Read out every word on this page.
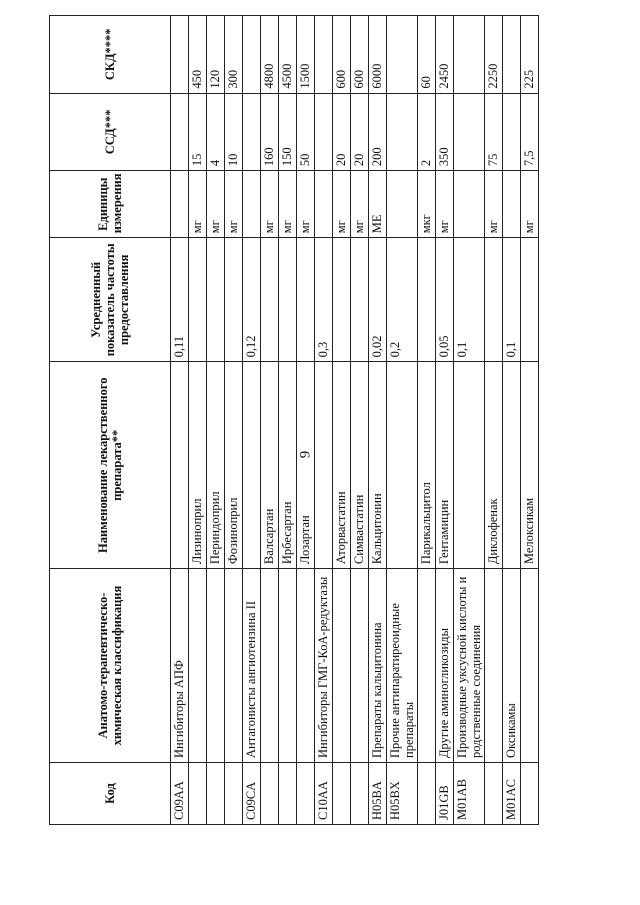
9
Код	Анатомо-терапевтическо-химическая классификация	Наименование лекарственного препарата**	Усредненный показатель частоты предоставления	Единицы измерения	ССД***	СКД****
C09AA	Ингибиторы АПФ		0,11			
		Лизиноприл		мг	15	450
		Периндоприл		мг	4	120
		Фозиноприл		мг	10	300
C09CA	Антагонисты ангиотензина II		0,12			
		Валсартан		мг	160	4800
		Ирбесартан		мг	150	4500
		Лозартан		мг	50	1500
C10AA	Ингибиторы ГМГ-КоА-редуктазы		0,3			
		Аторвастатин		мг	20	600
		Симвастатин		мг	20	600
H05BA	Препараты кальцитонина	Кальцитонин	0,02	МЕ	200	6000
H05BX	Прочие антипаратиреоидные препараты		0,2			
		Парикальцитол		мкг	2	60
J01GB	Другие аминогликозиды	Гентамицин	0,05	мг	350	2450
M01AB	Производные уксусной кислоты и родственные соединения		0,1			
		Диклофенак		мг	75	2250
M01AC	Оксикамы		0,1			
		Мелоксикам		мг	7,5	225
